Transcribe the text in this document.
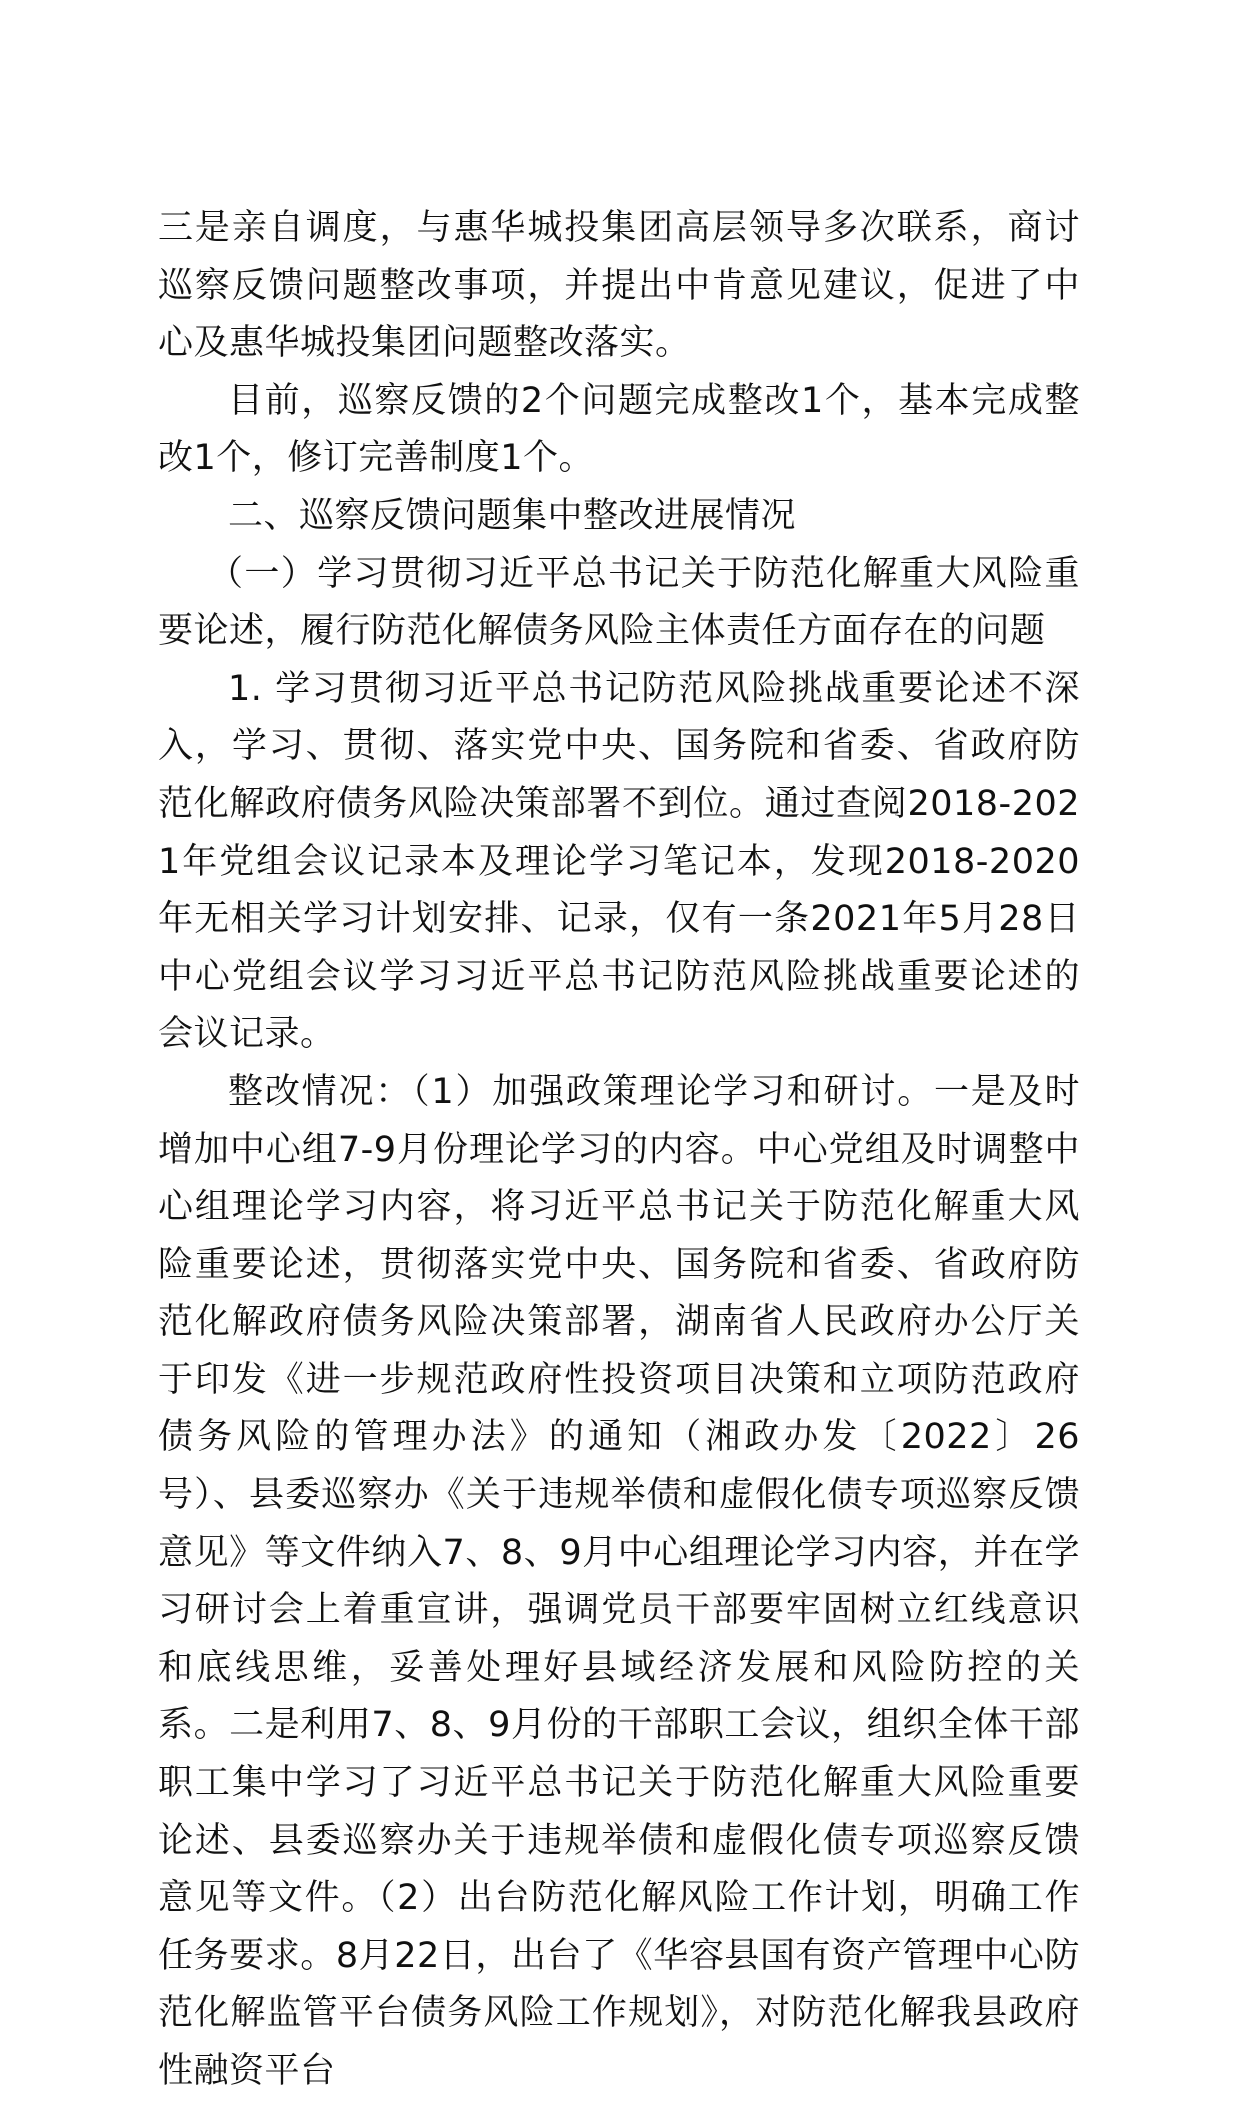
三是亲自调度，与惠华城投集团高层领导多次联系，商讨巡察反馈问题整改事项，并提出中肯意见建议，促进了中心及惠华城投集团问题整改落实。

目前，巡察反馈的2个问题完成整改1个，基本完成整改1个，修订完善制度1个。

二、巡察反馈问题集中整改进展情况

（一）学习贯彻习近平总书记关于防范化解重大风险重要论述，履行防范化解债务风险主体责任方面存在的问题

1. 学习贯彻习近平总书记防范风险挑战重要论述不深入，学习、贯彻、落实党中央、国务院和省委、省政府防范化解政府债务风险决策部署不到位。通过查阅2018-2021年党组会议记录本及理论学习笔记本，发现2018-2020年无相关学习计划安排、记录，仅有一条2021年5月28日中心党组会议学习习近平总书记防范风险挑战重要论述的会议记录。

整改情况：（1）加强政策理论学习和研讨。一是及时增加中心组7-9月份理论学习的内容。中心党组及时调整中心组理论学习内容，将习近平总书记关于防范化解重大风险重要论述，贯彻落实党中央、国务院和省委、省政府防范化解政府债务风险决策部署，湖南省人民政府办公厅关于印发《进一步规范政府性投资项目决策和立项防范政府债务风险的管理办法》的通知（湘政办发〔2022〕26号）、县委巡察办《关于违规举债和虚假化债专项巡察反馈意见》等文件纳入7、8、9月中心组理论学习内容，并在学习研讨会上着重宣讲，强调党员干部要牢固树立红线意识和底线思维，妥善处理好县域经济发展和风险防控的关系。二是利用7、8、9月份的干部职工会议，组织全体干部职工集中学习了习近平总书记关于防范化解重大风险重要论述、县委巡察办关于违规举债和虚假化债专项巡察反馈意见等文件。（2）出台防范化解风险工作计划，明确工作任务要求。8月22日，出台了《华容县国有资产管理中心防范化解监管平台债务风险工作规划》，对防范化解我县政府性融资平台
